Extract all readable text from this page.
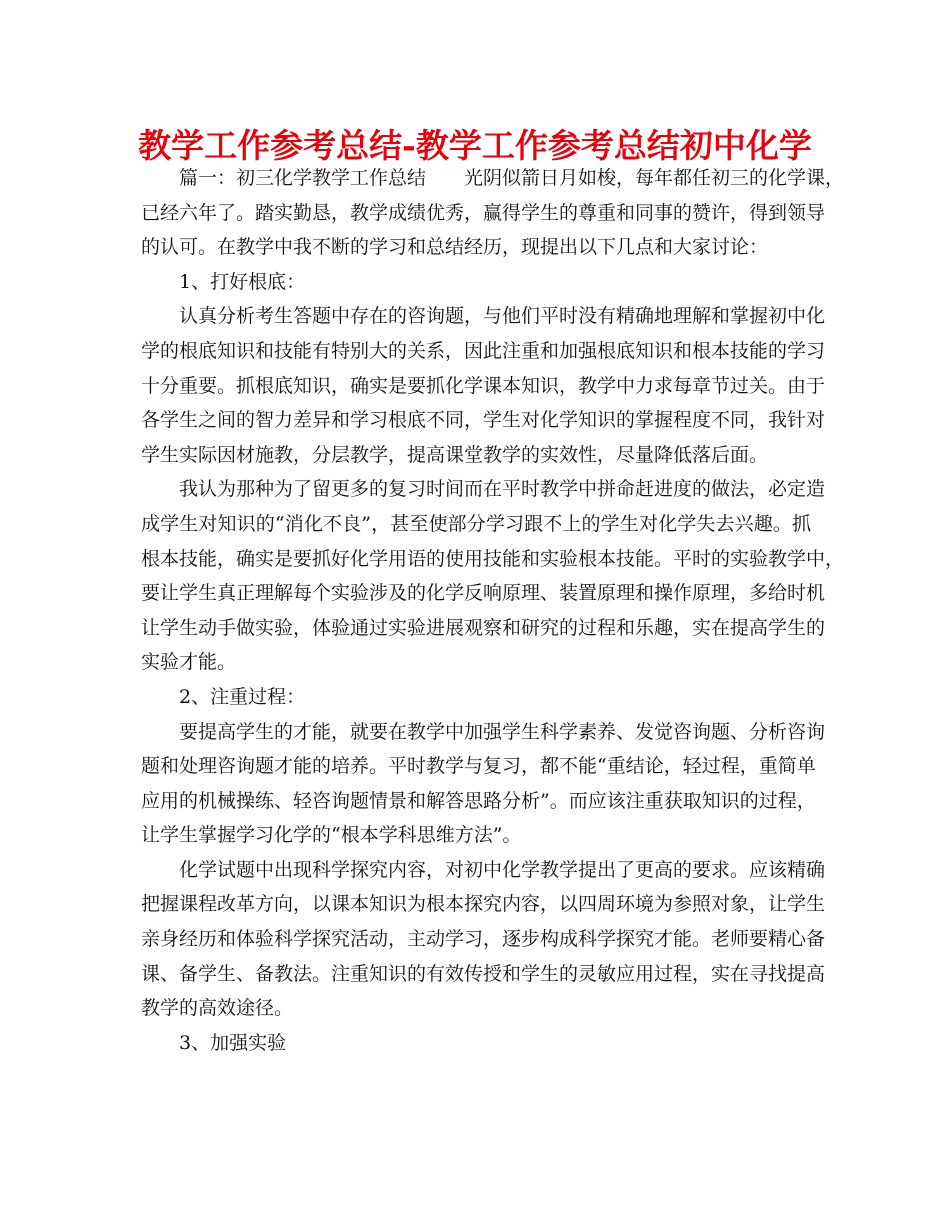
教学工作参考总结-教学工作参考总结初中化学
篇一：初三化学教学工作总结　　光阴似箭日月如梭，每年都任初三的化学课，
已经六年了。踏实勤恳，教学成绩优秀，赢得学生的尊重和同事的赞许，得到领导
的认可。在教学中我不断的学习和总结经历，现提出以下几点和大家讨论：
1、打好根底：
认真分析考生答题中存在的咨询题，与他们平时没有精确地理解和掌握初中化
学的根底知识和技能有特别大的关系，因此注重和加强根底知识和根本技能的学习
十分重要。抓根底知识，确实是要抓化学课本知识，教学中力求每章节过关。由于
各学生之间的智力差异和学习根底不同，学生对化学知识的掌握程度不同，我针对
学生实际因材施教，分层教学，提高课堂教学的实效性，尽量降低落后面。
我认为那种为了留更多的复习时间而在平时教学中拼命赶进度的做法，必定造
成学生对知识的“消化不良”，甚至使部分学习跟不上的学生对化学失去兴趣。抓
根本技能，确实是要抓好化学用语的使用技能和实验根本技能。平时的实验教学中，
要让学生真正理解每个实验涉及的化学反响原理、装置原理和操作原理，多给时机
让学生动手做实验，体验通过实验进展观察和研究的过程和乐趣，实在提高学生的
实验才能。
2、注重过程：
要提高学生的才能，就要在教学中加强学生科学素养、发觉咨询题、分析咨询
题和处理咨询题才能的培养。平时教学与复习，都不能“重结论，轻过程，重简单
应用的机械操练、轻咨询题情景和解答思路分析”。而应该注重获取知识的过程，
让学生掌握学习化学的“根本学科思维方法”。
化学试题中出现科学探究内容，对初中化学教学提出了更高的要求。应该精确
把握课程改革方向，以课本知识为根本探究内容，以四周环境为参照对象，让学生
亲身经历和体验科学探究活动，主动学习，逐步构成科学探究才能。老师要精心备
课、备学生、备教法。注重知识的有效传授和学生的灵敏应用过程，实在寻找提高
教学的高效途径。
3、加强实验
